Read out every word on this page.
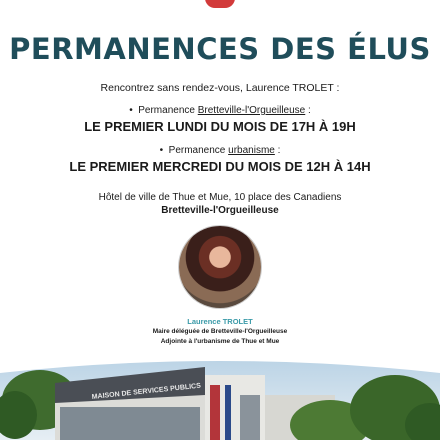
PERMANENCES DES ÉLUS
Rencontrez sans rendez-vous, Laurence TROLET :
•  Permanence Bretteville-l'Orgueilleuse :
LE PREMIER LUNDI DU MOIS DE 17H À 19H
•  Permanence urbanisme :
LE PREMIER MERCREDI DU MOIS DE 12H À 14H
Hôtel de ville de Thue et Mue, 10 place des Canadiens
Bretteville-l'Orgueilleuse
Laurence TROLET
Maire déléguée de Bretteville-l'Orgueilleuse
Adjointe à l'urbanisme de Thue et Mue
MAISON DE SERVICES PUBLICS
